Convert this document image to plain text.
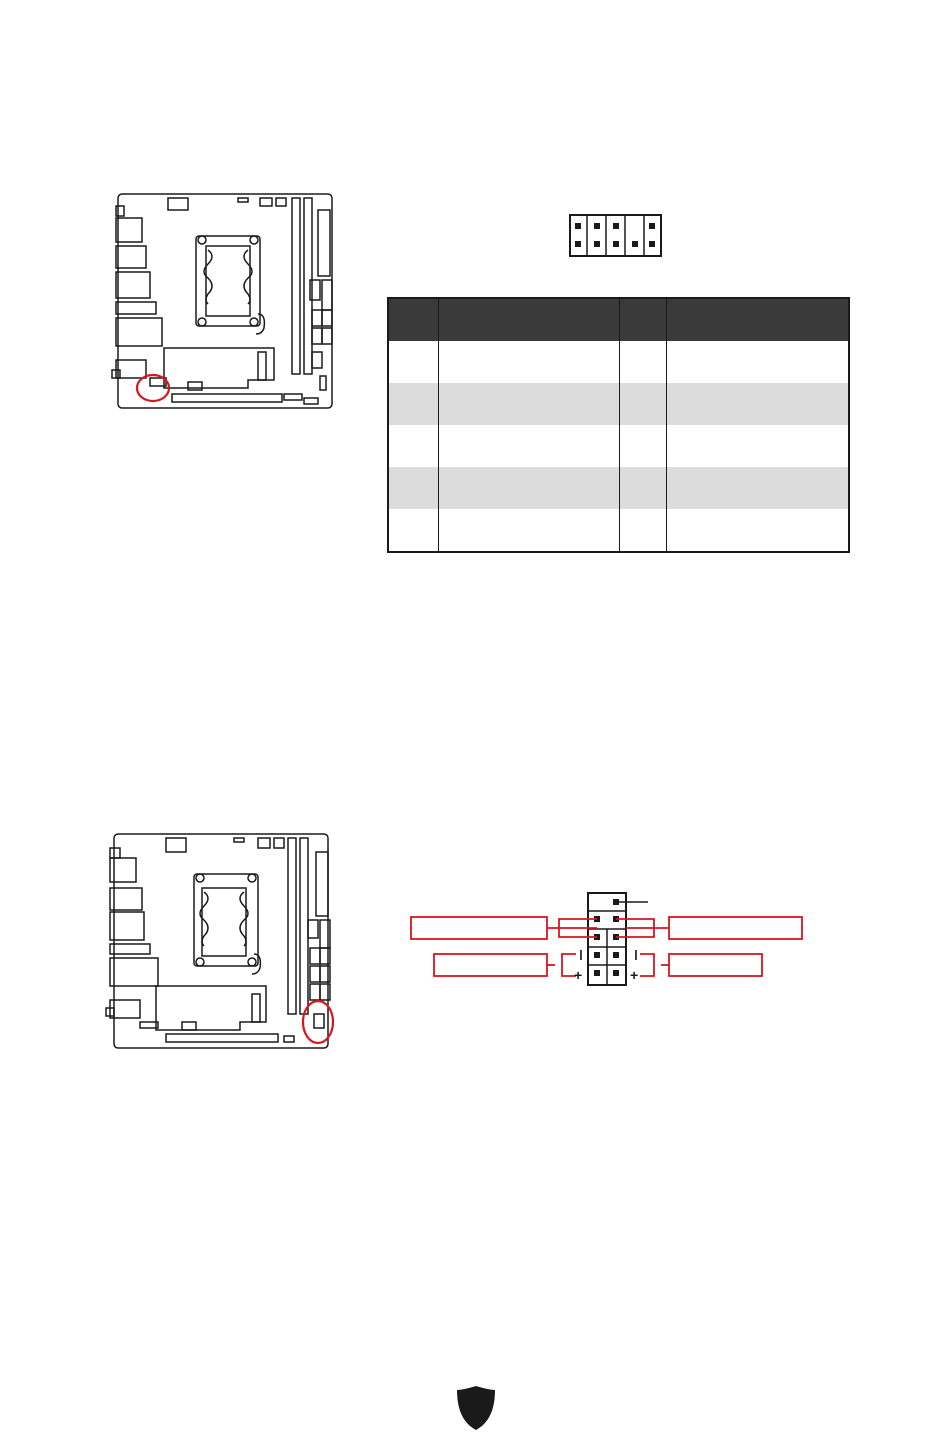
ǀ
+
ǀ
+
